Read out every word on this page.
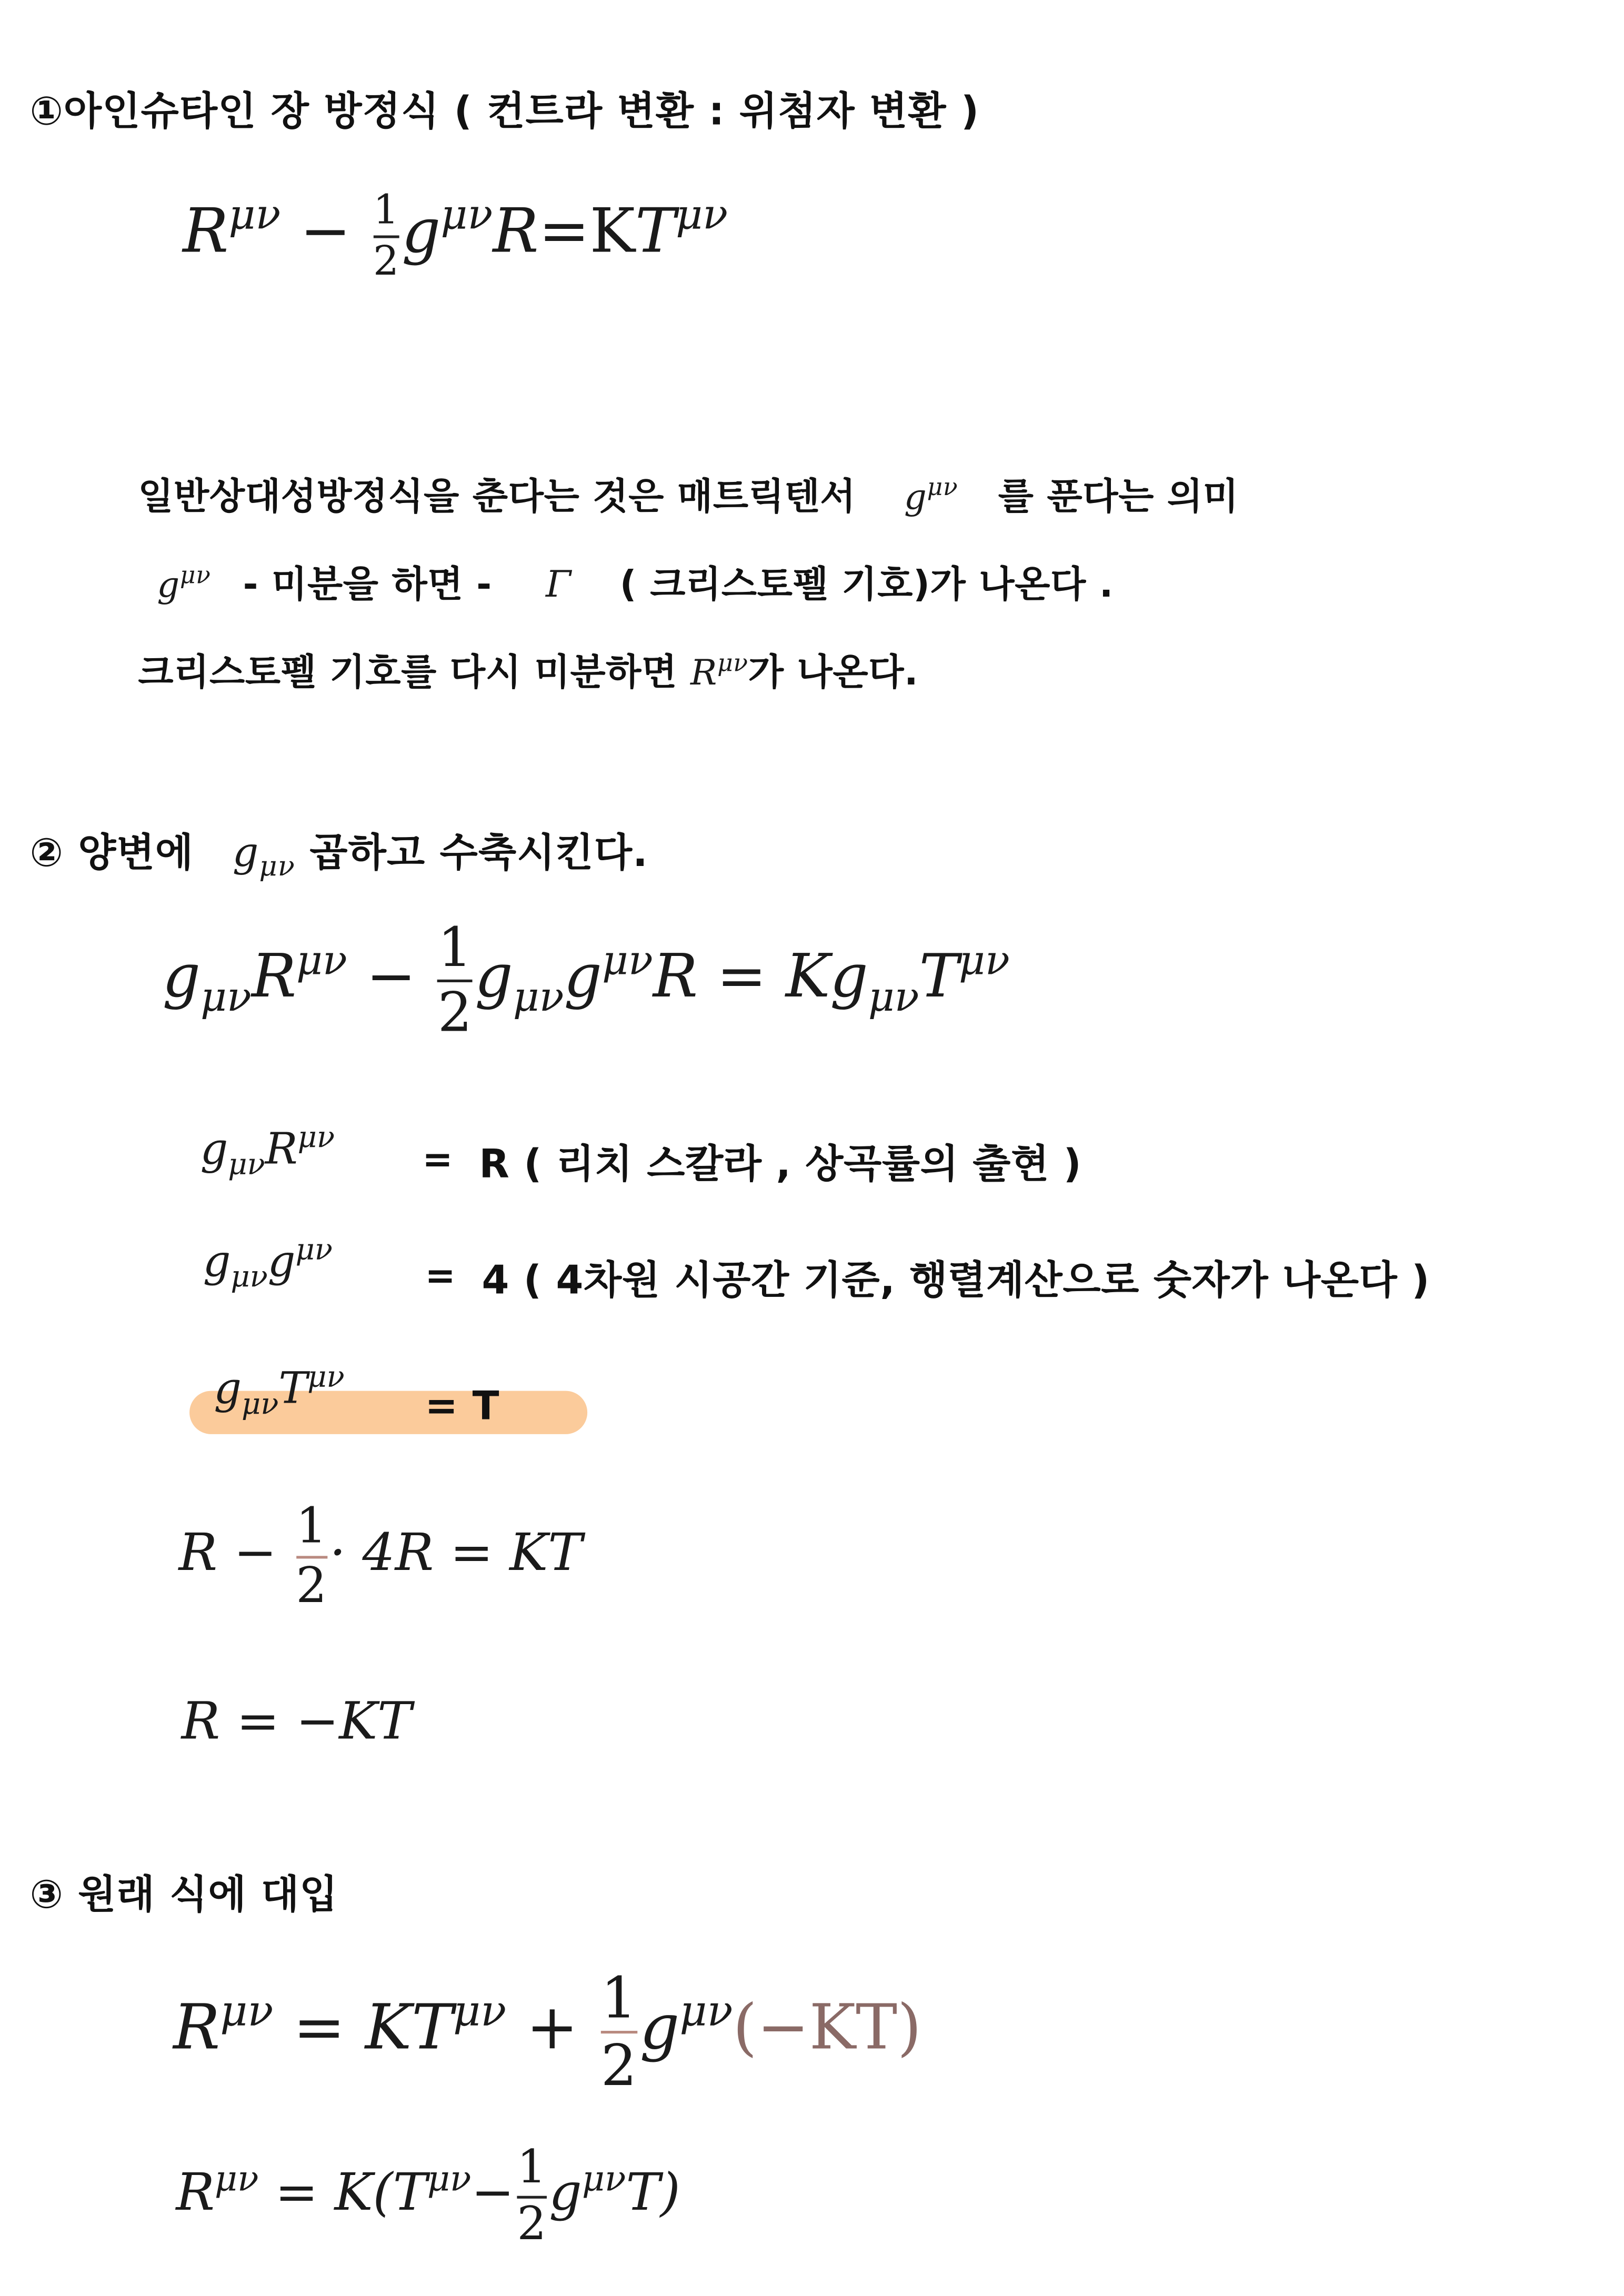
①아인슈타인 장 방정식 ( 컨트라 변환 : 위첨자 변환 )
$R^{\mu\nu} - 1$
2 $g^{\mu\nu}R=KT^{\mu\nu}$
일반상대성방정식을 춘다는 것은 매트릭텐서	$g^{\mu\nu}$	를 푼다는 의미
$g^{\mu\nu}$ - 미분을 하면 -	Γ	( 크리스토펠 기호)가 나온다 .
크리스토펠 기호를 다시 미분하면 $R^{\mu\nu}$가 나온다.
② 양변에 $g_{\mu\nu}$ 곱하고 수축시킨다.
$g_{\mu\nu}R^{\mu\nu} - 1$
2
$g_{\mu\nu}g^{\mu\nu}R = Kg_{\mu\nu}T^{\mu\nu}$
$g_{\mu\nu}R^{\mu\nu}$
= R ( 리치 스칼라 , 상곡률의 출현 )
$g_{\mu\nu}g^{\mu\nu}$
= 4 ( 4차원 시공간 기준, 행렬계산으로 숫자가 나온다 )
$g_{\mu\nu}T^{\mu\nu}$
= T
R − 1
2
· 4R = KT
R = −KT
③ 원래 식에 대입
$R^{\mu\nu} = KT^{\mu\nu} + 1$
2
$g^{\mu\nu}(-KT)$
$R^{\mu\nu} = K(T^{\mu\nu}- 1$
2
$g^{\mu\nu}T$)
